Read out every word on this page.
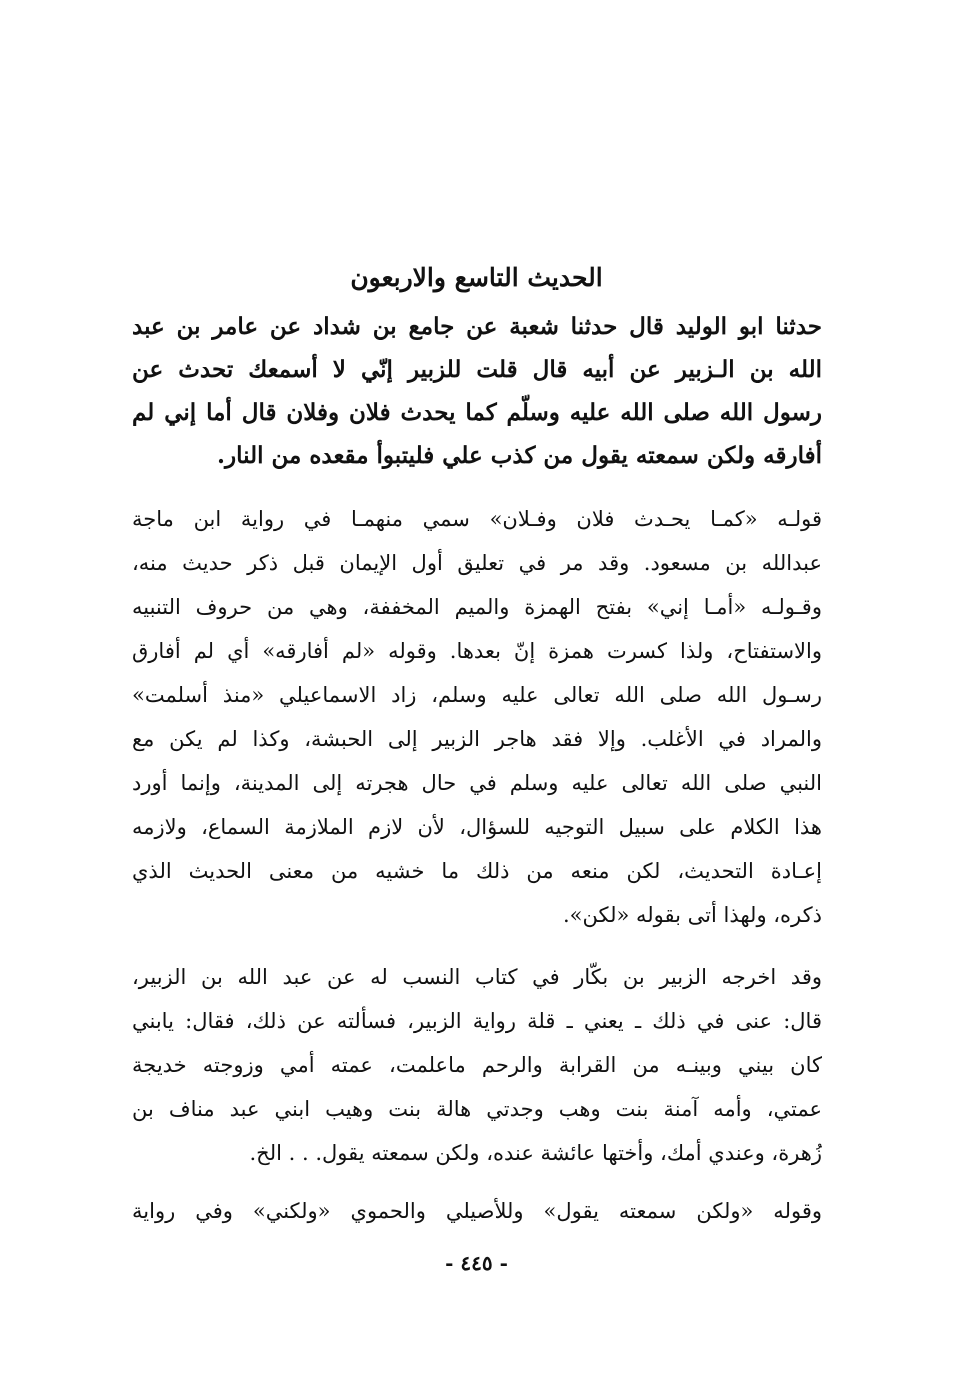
الحديث التاسع والاربعون
حدثنا ابو الوليد قال حدثنا شعبة عن جامع بن شداد عن عامر بن عبد
الله بن الـزبير عن أبيه قال قلت للزبير إنّي لا أسمعك تحدث عن
رسول الله صلى الله عليه وسلّم كما يحدث فلان وفلان قال أما إني لم
أفارقه ولكن سمعته يقول من كذب علي فليتبوأ مقعده من النار.
قولـه «كمـا يحـدث فلان وفـلان» سمي منهمـا في رواية ابن ماجة
عبدالله بن مسعود. وقد مر في تعليق أول الإيمان قبل ذكر حديث منه،
وقـولـه «أمـا إني» بفتح الهمزة والميم المخففة، وهي من حروف التنبيه
والاستفتاح، ولذا كسرت همزة إنّ بعدها. وقوله «لم أفارقه» أي لم أفارق
رسـول الله صلى الله تعالى عليه وسلم، زاد الاسماعيلي «منذ أسلمت»
والمراد في الأغلب. وإلا فقد هاجر الزبير إلى الحبشة، وكذا لم يكن مع
النبي صلى الله تعالى عليه وسلم في حال هجرته إلى المدينة، وإنما أورد
هذا الكلام على سبيل التوجيه للسؤال، لأن لازم الملازمة السماع، ولازمه
إعـادة التحديث، لكن منعه من ذلك ما خشيه من معنى الحديث الذي
ذكره، ولهذا أتى بقوله «لكن».
وقد اخرجه الزبير بن بكّار في كتاب النسب له عن عبد الله بن الزبير،
قال: عنى في ذلك ـ يعني ـ قلة رواية الزبير، فسألته عن ذلك، فقال: يابني
كان بيني وبينـه من القرابة والرحم ماعلمت، عمته أمي وزوجته خديجة
عمتي، وأمه آمنة بنت وهب وجدتي هالة بنت وهيب ابني عبد مناف بن
زُهرة، وعندي أمك، وأختها عائشة عنده، ولكن سمعته يقول. . . الخ.
وقوله «ولكن سمعته يقول» وللأصيلي والحموي «ولكني» وفي رواية
- ٤٤٥ -
